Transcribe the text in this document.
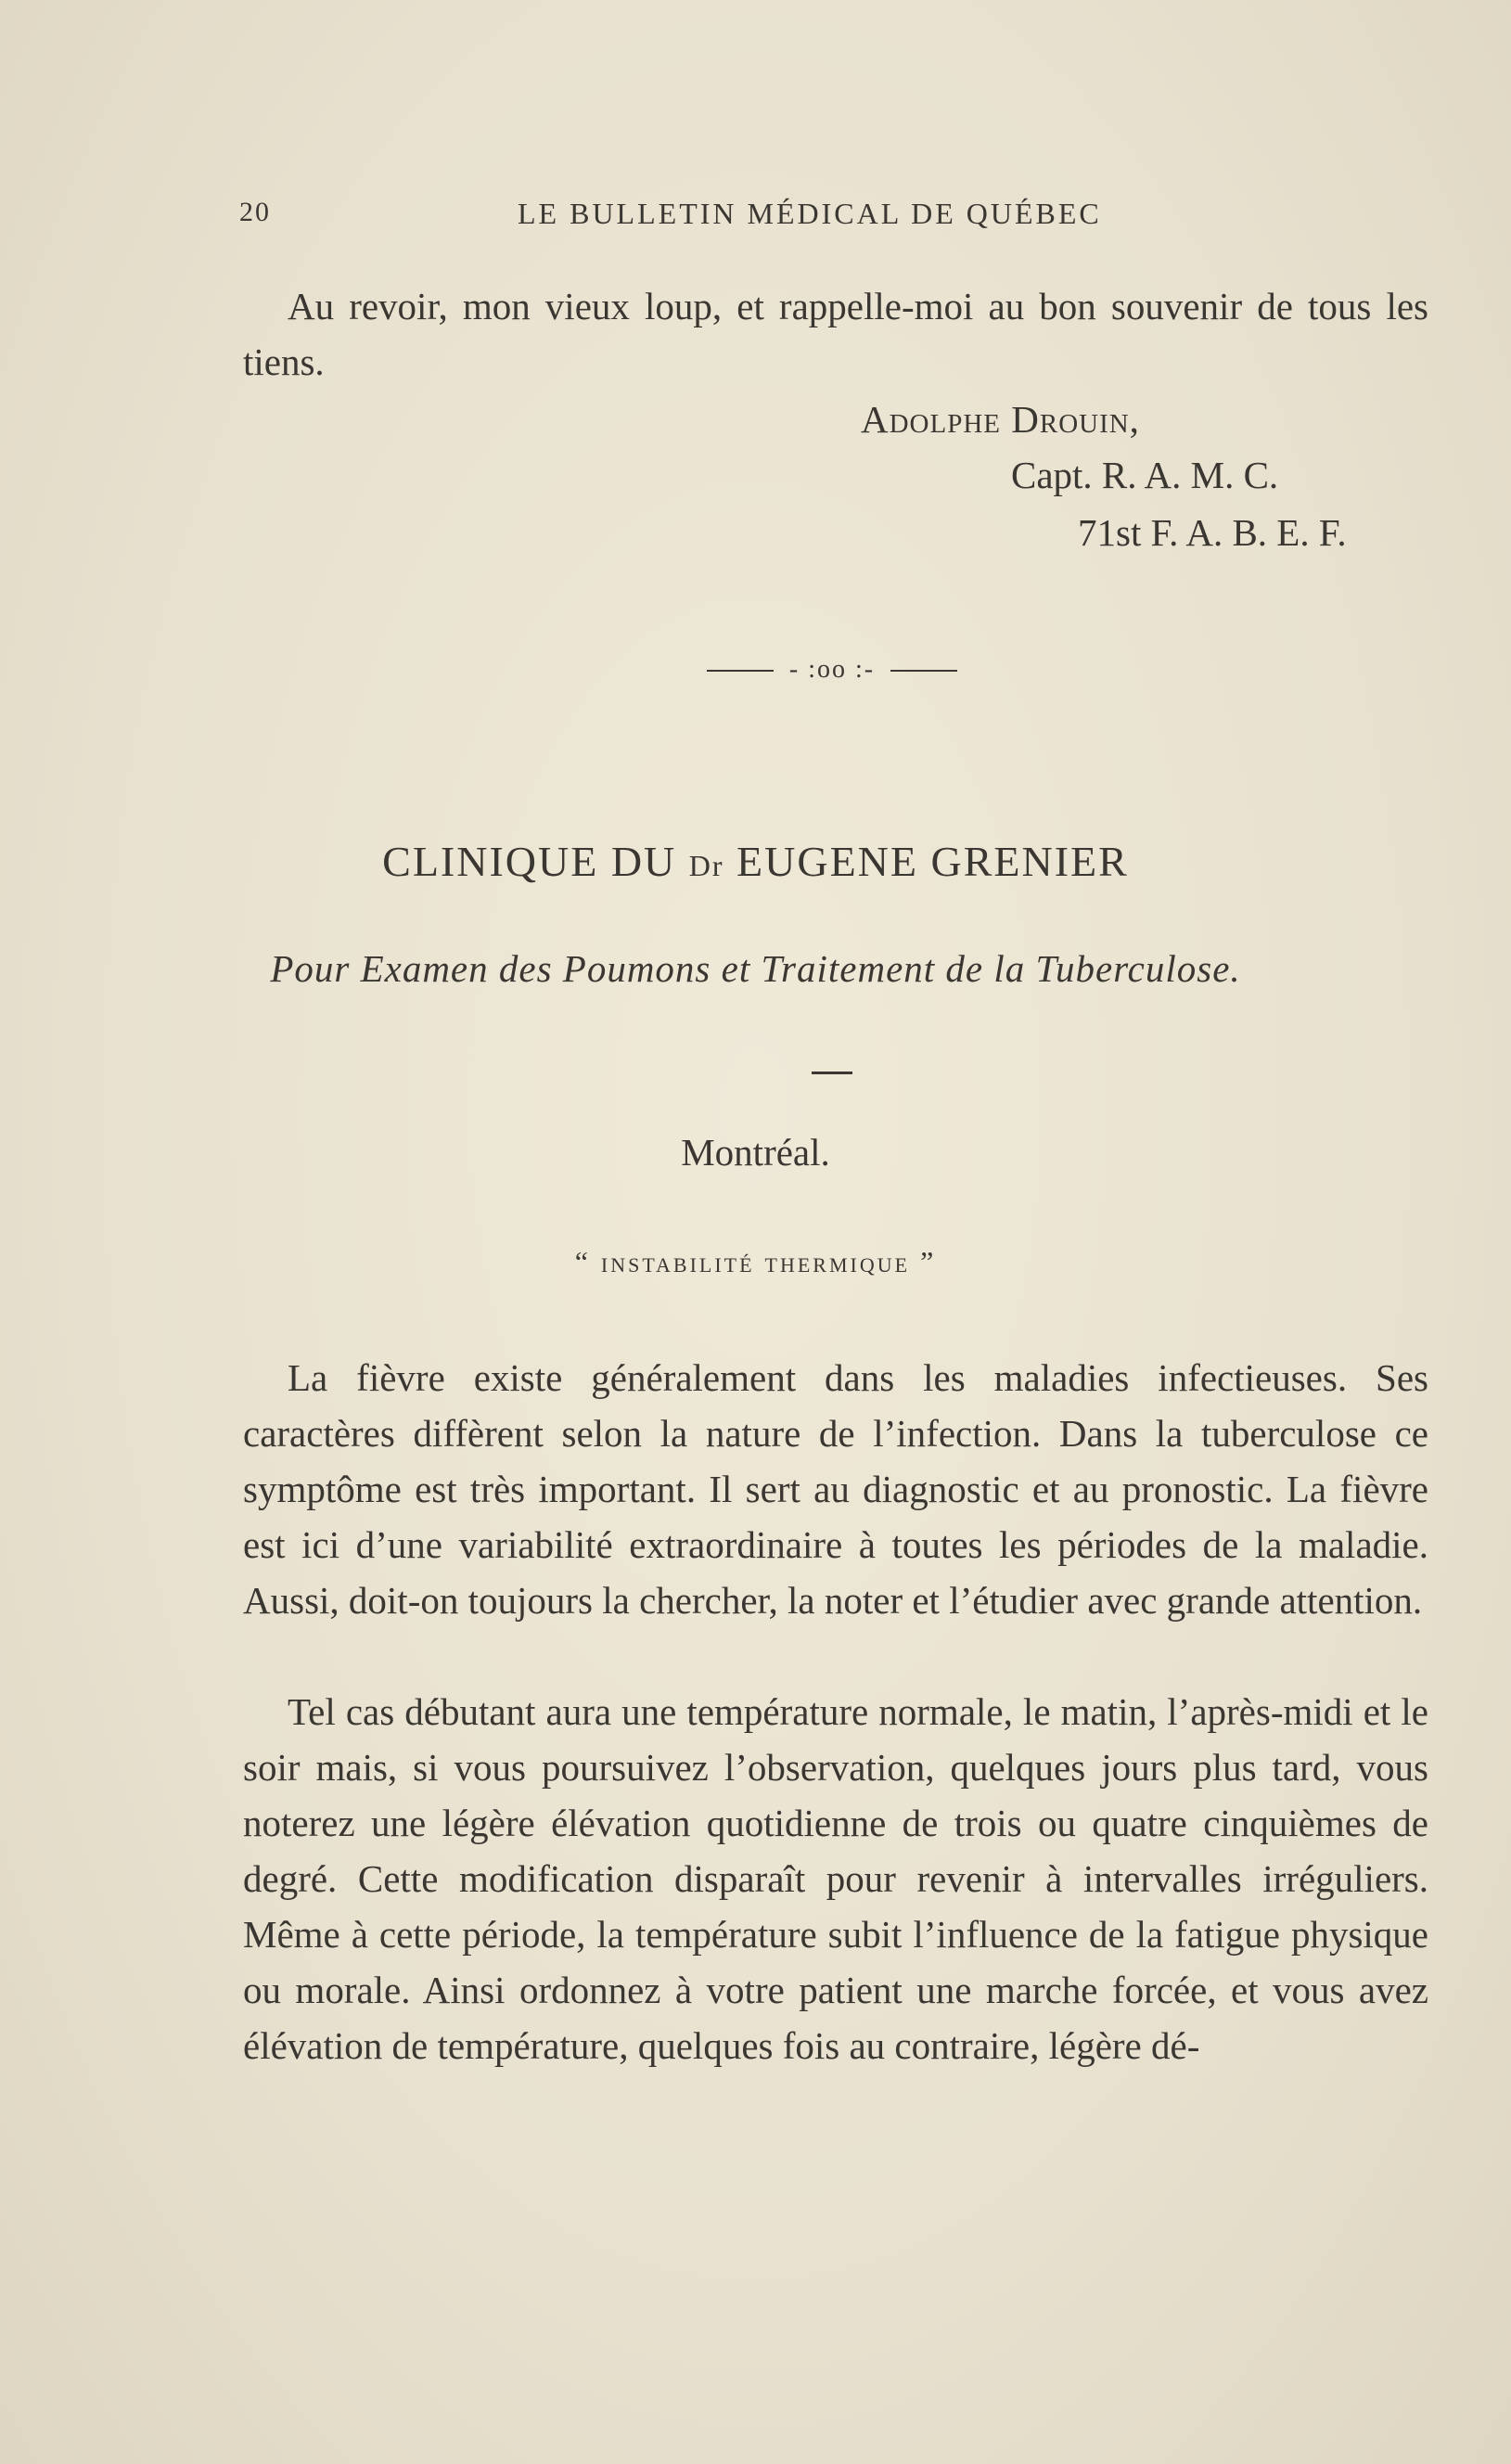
20	LE BULLETIN MÉDICAL DE QUÉBEC

Au revoir, mon vieux loup, et rappelle-moi au bon souvenir de tous les tiens.

Adolphe Drouin,
Capt. R. A. M. C.
71st F. A. B. E. F.
- :oo :-
CLINIQUE DU Dr EUGENE GRENIER
Pour Examen des Poumons et Traitement de la Tuberculose.
Montréal.
“ instabilité thermique ”

La fièvre existe généralement dans les maladies infectieuses. Ses caractères diffèrent selon la nature de l’infection. Dans la tuberculose ce symptôme est très important. Il sert au diagnostic et au pronostic. La fièvre est ici d’une variabilité extraordinaire à toutes les périodes de la maladie. Aussi, doit-on toujours la chercher, la noter et l’étudier avec grande attention.

Tel cas débutant aura une température normale, le matin, l’après-midi et le soir mais, si vous poursuivez l’observation, quelques jours plus tard, vous noterez une légère élévation quotidienne de trois ou quatre cinquièmes de degré. Cette modification disparaît pour revenir à intervalles irréguliers. Même à cette période, la température subit l’influence de la fatigue physique ou morale. Ainsi ordonnez à votre patient une marche forcée, et vous avez élévation de température, quelques fois au contraire, légère dé-
